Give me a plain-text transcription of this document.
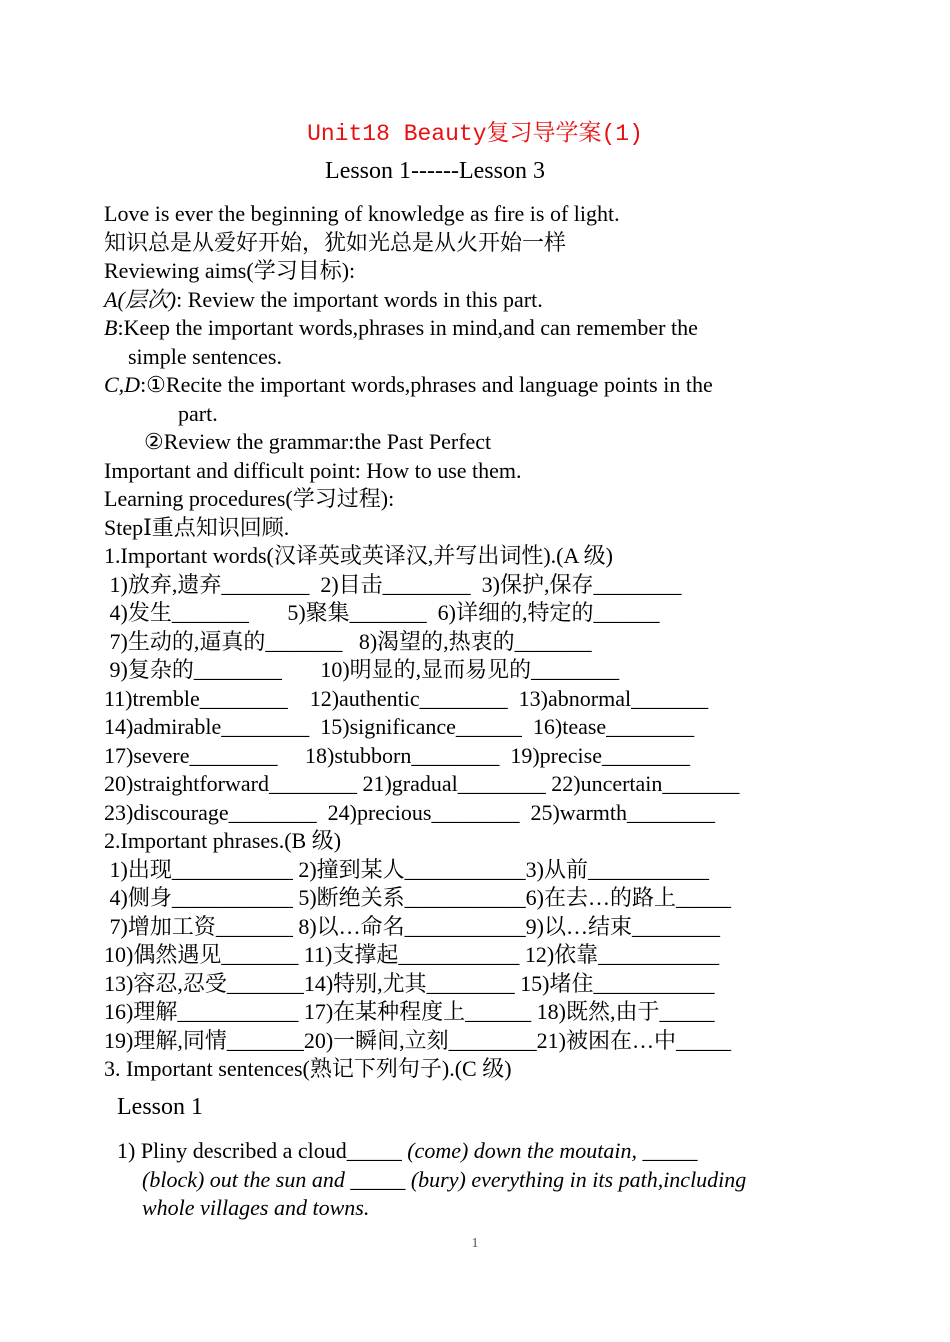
Unit18 Beauty复习导学案(1)
Lesson 1------Lesson 3
Love is ever the beginning of knowledge as fire is of light.
知识总是从爱好开始，犹如光总是从火开始一样
Reviewing aims(学习目标):
A(层次): Review the important words in this part.
B:Keep the important words,phrases in mind,and can remember the
simple sentences.
C,D:①Recite the important words,phrases and language points in the
part.
②Review the grammar:the Past Perfect
Important and difficult point: How to use them.
Learning procedures(学习过程):
StepⅠ重点知识回顾.
1.Important words(汉译英或英译汉,并写出词性).(A 级)
1)放弃,遗弃________  2)目击________  3)保护,保存________
4)发生_______       5)聚集_______  6)详细的,特定的______
7)生动的,逼真的_______   8)渴望的,热衷的_______
9)复杂的________       10)明显的,显而易见的________
11)tremble________    12)authentic________  13)abnormal_______
14)admirable________  15)significance______  16)tease________
17)severe________     18)stubborn________  19)precise________
20)straightforward________ 21)gradual________ 22)uncertain_______
23)discourage________  24)precious________  25)warmth________
2.Important phrases.(B 级)
1)出现___________ 2)撞到某人___________3)从前___________
4)侧身___________ 5)断绝关系___________6)在去…的路上_____
7)增加工资_______ 8)以…命名___________9)以…结束________
10)偶然遇见_______ 11)支撑起___________ 12)依靠___________
13)容忍,忍受_______14)特别,尤其________ 15)堵住___________
16)理解___________ 17)在某种程度上______ 18)既然,由于_____
19)理解,同情_______20)一瞬间,立刻________21)被困在…中_____
3. Important sentences(熟记下列句子).(C 级)
Lesson 1
1) Pliny described a cloud_____ (come) down the moutain, _____
(block) out the sun and _____ (bury) everything in its path,including
whole villages and towns.
1
